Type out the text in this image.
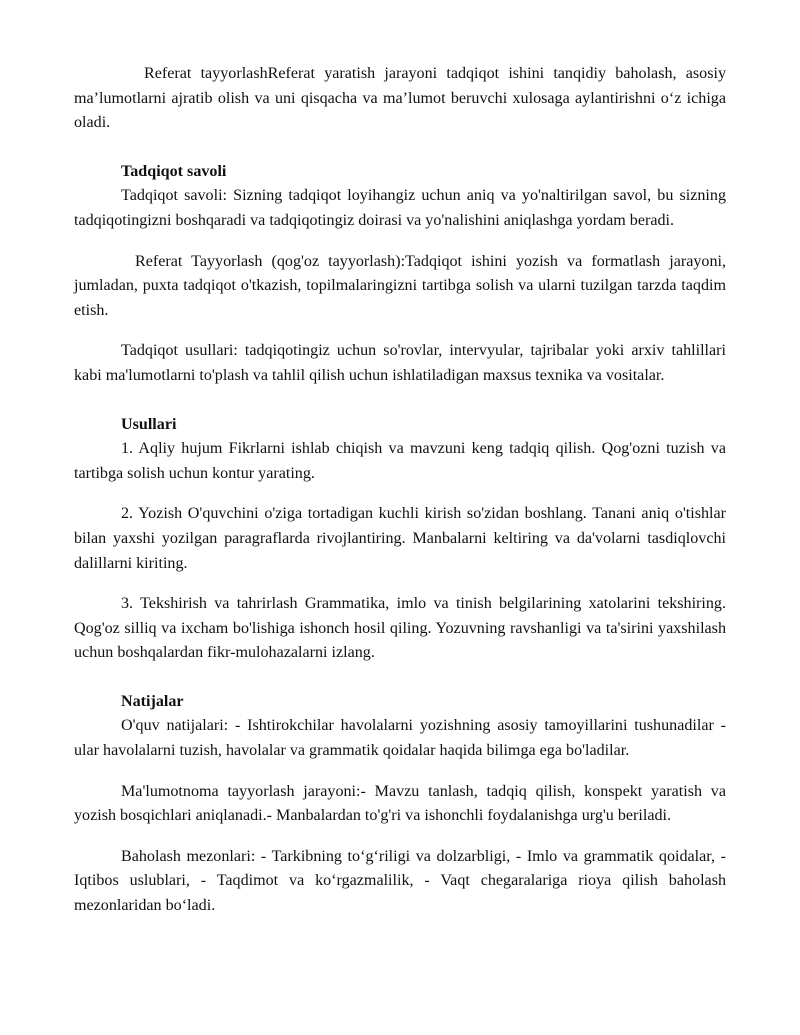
Referat tayyorlashReferat yaratish jarayoni tadqiqot ishini tanqidiy baholash, asosiy ma’lumotlarni ajratib olish va uni qisqacha va ma’lumot beruvchi xulosaga aylantirishni o‘z ichiga oladi.

Tadqiqot savoli

Tadqiqot savoli: Sizning tadqiqot loyihangiz uchun aniq va yo'naltirilgan savol, bu sizning tadqiqotingizni boshqaradi va tadqiqotingiz doirasi va yo'nalishini aniqlashga yordam beradi.

Referat Tayyorlash (qog'oz tayyorlash):Tadqiqot ishini yozish va formatlash jarayoni, jumladan, puxta tadqiqot o'tkazish, topilmalaringizni tartibga solish va ularni tuzilgan tarzda taqdim etish.

Tadqiqot usullari: tadqiqotingiz uchun so'rovlar, intervyular, tajribalar yoki arxiv tahlillari kabi ma'lumotlarni to'plash va tahlil qilish uchun ishlatiladigan maxsus texnika va vositalar.

Usullari

1. Aqliy hujum Fikrlarni ishlab chiqish va mavzuni keng tadqiq qilish. Qog'ozni tuzish va tartibga solish uchun kontur yarating.

2. Yozish O'quvchini o'ziga tortadigan kuchli kirish so'zidan boshlang. Tanani aniq o'tishlar bilan yaxshi yozilgan paragraflarda rivojlantiring. Manbalarni keltiring va da'volarni tasdiqlovchi dalillarni kiriting.

3. Tekshirish va tahrirlash Grammatika, imlo va tinish belgilarining xatolarini tekshiring. Qog'oz silliq va ixcham bo'lishiga ishonch hosil qiling. Yozuvning ravshanligi va ta'sirini yaxshilash uchun boshqalardan fikr-mulohazalarni izlang.

Natijalar

O'quv natijalari: - Ishtirokchilar havolalarni yozishning asosiy tamoyillarini tushunadilar - ular havolalarni tuzish, havolalar va grammatik qoidalar haqida bilimga ega bo'ladilar.

Ma'lumotnoma tayyorlash jarayoni:- Mavzu tanlash, tadqiq qilish, konspekt yaratish va yozish bosqichlari aniqlanadi.- Manbalardan to'g'ri va ishonchli foydalanishga urg'u beriladi.

Baholash mezonlari: - Tarkibning to‘g‘riligi va dolzarbligi, - Imlo va grammatik qoidalar, - Iqtibos uslublari, - Taqdimot va ko‘rgazmalilik, - Vaqt chegaralariga rioya qilish baholash mezonlaridan bo‘ladi.
